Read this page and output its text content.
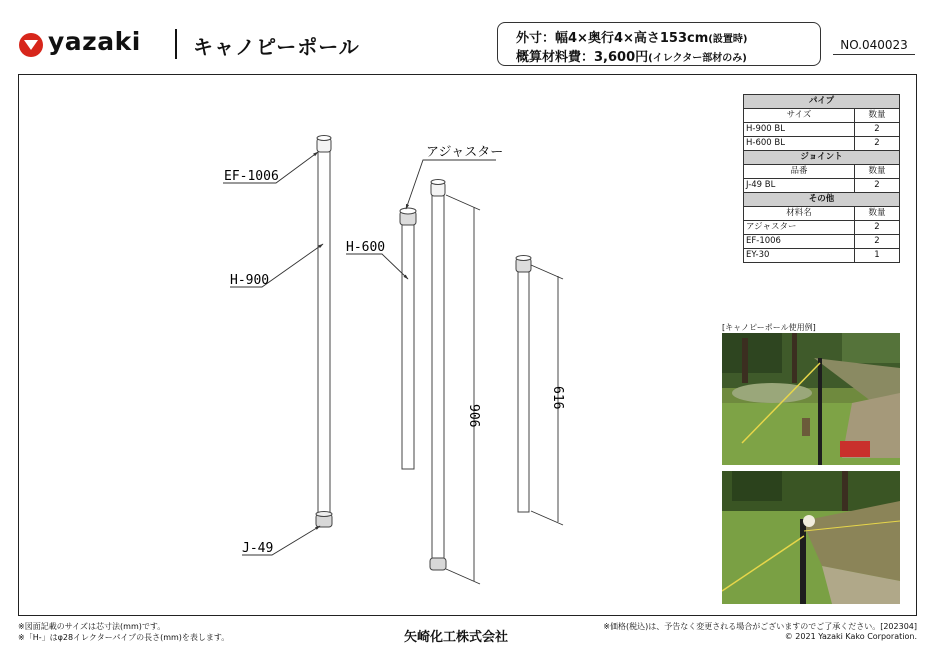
yazaki	キャノピーポール	外寸：幅4×奥行4×高さ153cm(設置時)
概算材料費：3,600円(イレクター部材のみ)
NO.040023
EF-1006
H-900
アジャスター
H-600
J-49
906
616
パイプ	
サイズ	数量
H-900 BL	2
H-600 BL	2
ジョイント	
品番	数量
J-49 BL	2
その他	
材料名	数量
アジャスター	2
EF-1006	2
EY-30	1
[キャノピーポール使用例]
※図面記載のサイズは芯寸法(mm)です。
※「H-」はφ28イレクターパイプの長さ(mm)を表します。	矢崎化工株式会社
※価格(税込)は、予告なく変更される場合がございますのでご了承ください。[202304]
© 2021 Yazaki Kako Corporation.
